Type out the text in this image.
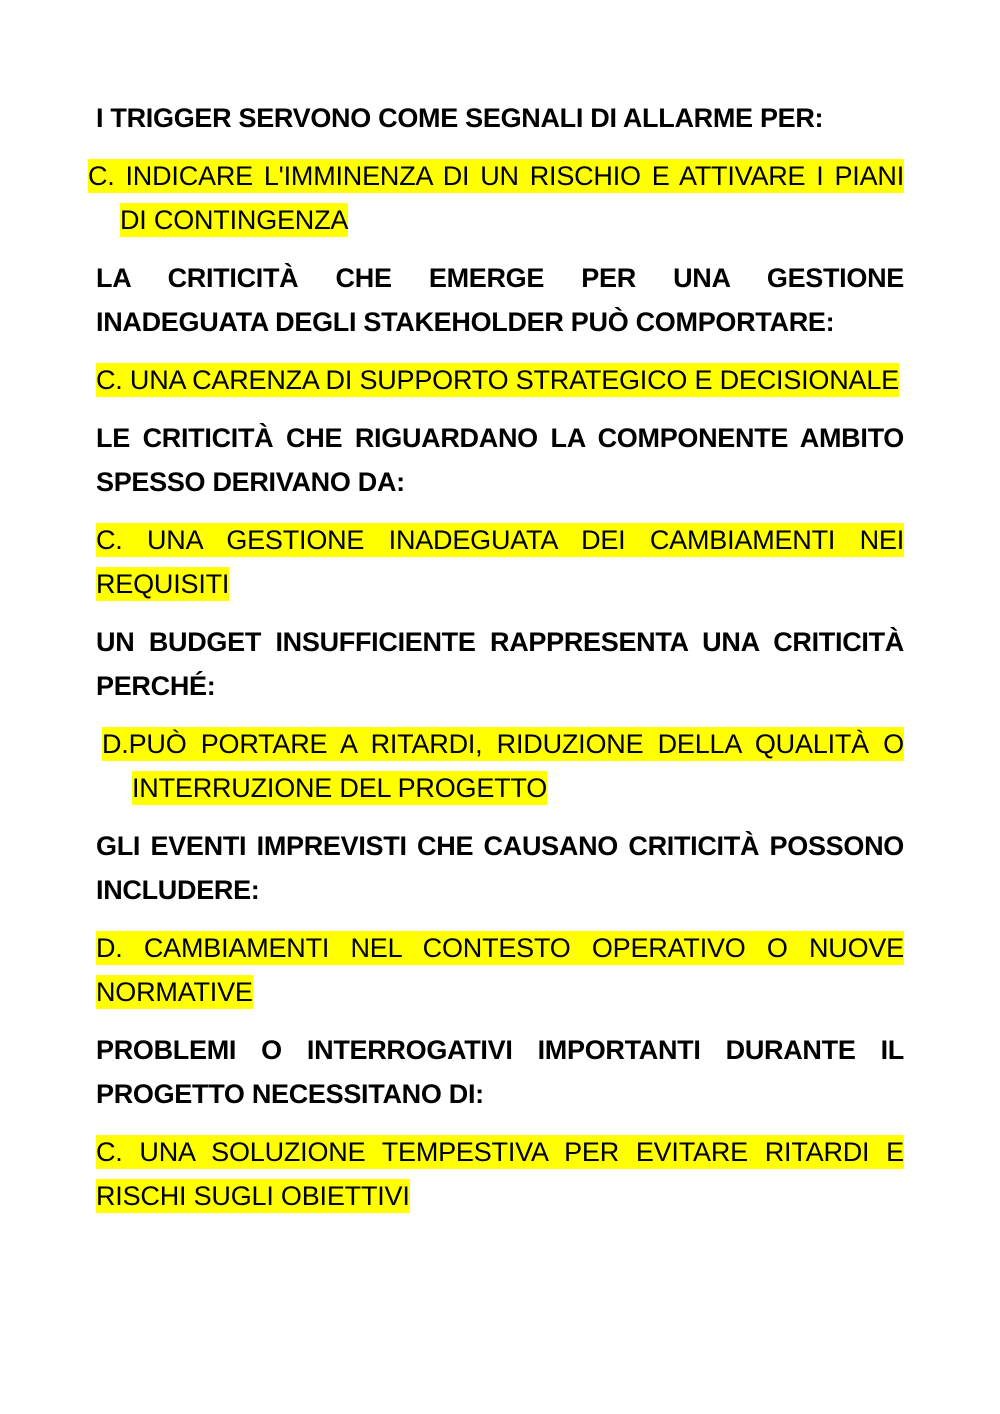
I TRIGGER SERVONO COME SEGNALI DI ALLARME PER:

C. INDICARE L'IMMINENZA DI UN RISCHIO E ATTIVARE I PIANI DI CONTINGENZA

LA CRITICITÀ CHE EMERGE PER UNA GESTIONE INADEGUATA DEGLI STAKEHOLDER PUÒ COMPORTARE:

C. UNA CARENZA DI SUPPORTO STRATEGICO E DECISIONALE

LE CRITICITÀ CHE RIGUARDANO LA COMPONENTE AMBITO SPESSO DERIVANO DA:

C. UNA GESTIONE INADEGUATA DEI CAMBIAMENTI NEI REQUISITI

UN BUDGET INSUFFICIENTE RAPPRESENTA UNA CRITICITÀ PERCHÉ:

D.PUÒ PORTARE A RITARDI, RIDUZIONE DELLA QUALITÀ O INTERRUZIONE DEL PROGETTO

GLI EVENTI IMPREVISTI CHE CAUSANO CRITICITÀ POSSONO INCLUDERE:

D. CAMBIAMENTI NEL CONTESTO OPERATIVO O NUOVE NORMATIVE

PROBLEMI O INTERROGATIVI IMPORTANTI DURANTE IL PROGETTO NECESSITANO DI:

C. UNA SOLUZIONE TEMPESTIVA PER EVITARE RITARDI E RISCHI SUGLI OBIETTIVI
